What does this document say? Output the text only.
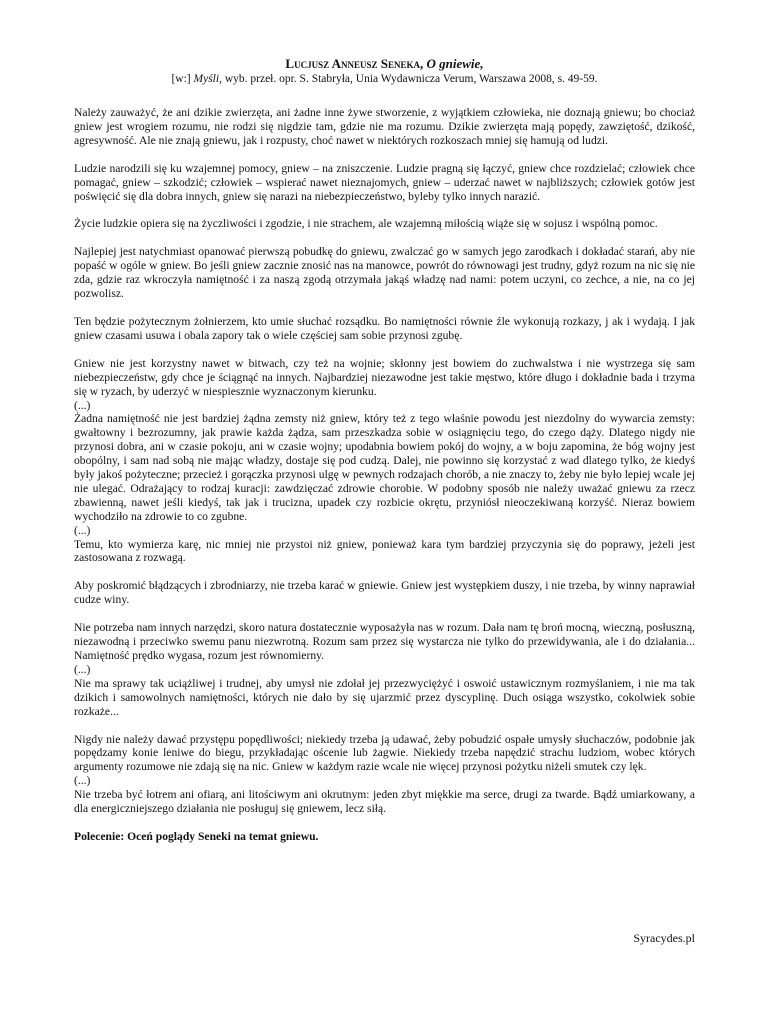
Lucjusz Anneusz Seneka, O gniewie,

[w:] Myśli, wyb. przeł. opr. S. Stabryła, Unia Wydawnicza Verum, Warszawa 2008, s. 49-59.

Należy zauważyć, że ani dzikie zwierzęta, ani żadne inne żywe stworzenie, z wyjątkiem człowieka, nie doznają gniewu; bo chociaż gniew jest wrogiem rozumu, nie rodzi się nigdzie tam, gdzie nie ma rozumu. Dzikie zwierzęta mają popędy, zawziętość, dzikość, agresywność. Ale nie znają gniewu, jak i rozpusty, choć nawet w niektórych rozkoszach mniej się hamują od ludzi.

Ludzie narodzili się ku wzajemnej pomocy, gniew – na zniszczenie. Ludzie pragną się łączyć, gniew chce rozdzielać; człowiek chce pomagać, gniew – szkodzić; człowiek – wspierać nawet nieznajomych, gniew – uderzać nawet w najbliższych; człowiek gotów jest poświęcić się dla dobra innych, gniew się narazi na niebezpieczeństwo, byleby tylko innych narazić.

Życie ludzkie opiera się na życzliwości i zgodzie, i nie strachem, ale wzajemną miłością wiąże się w sojusz i wspólną pomoc.

Najlepiej jest natychmiast opanować pierwszą pobudkę do gniewu, zwalczać go w samych jego zarodkach i dokładać starań, aby nie popaść w ogóle w gniew. Bo jeśli gniew zacznie znosić nas na manowce, powrót do równowagi jest trudny, gdyż rozum na nic się nie zda, gdzie raz wkroczyła namiętność i za naszą zgodą otrzymała jakąś władzę nad nami: potem uczyni, co zechce, a nie, na co jej pozwolisz.

Ten będzie pożytecznym żołnierzem, kto umie słuchać rozsądku. Bo namiętności równie źle wykonują rozkazy, j ak i wydają. I jak gniew czasami usuwa i obala zapory tak o wiele częściej sam sobie przynosi zgubę.

Gniew nie jest korzystny nawet w bitwach, czy też na wojnie; skłonny jest bowiem do zuchwalstwa i nie wystrzega się sam niebezpieczeństw, gdy chce je ściągnąć na innych. Najbardziej niezawodne jest takie męstwo, które długo i dokładnie bada i trzyma się w ryzach, by uderzyć w niespiesznie wyznaczonym kierunku.

(...)

Żadna namiętność nie jest bardziej żądna zemsty niż gniew, który też z tego właśnie powodu jest niezdolny do wywarcia zemsty: gwałtowny i bezrozumny, jak prawie każda żądza, sam przeszkadza sobie w osiągnięciu tego, do czego dąży. Dlatego nigdy nie przynosi dobra, ani w czasie pokoju, ani w czasie wojny; upodabnia bowiem pokój do wojny, a w boju zapomina, że bóg wojny jest obopólny, i sam nad sobą nie mając władzy, dostaje się pod cudzą. Dalej, nie powinno się korzystać z wad dlatego tylko, że kiedyś były jakoś pożyteczne; przecież i gorączka przynosi ulgę w pewnych rodzajach chorób, a nie znaczy to, żeby nie było lepiej wcale jej nie ulegać. Odrażający to rodzaj kuracji: zawdzięczać zdrowie chorobie. W podobny sposób nie należy uważać gniewu za rzecz zbawienną, nawet jeśli kiedyś, tak jak i trucizna, upadek czy rozbicie okrętu, przyniósł nieoczekiwaną korzyść. Nieraz bowiem wychodziło na zdrowie to co zgubne.

(...)

Temu, kto wymierza karę, nic mniej nie przystoi niż gniew, ponieważ kara tym bardziej przyczynia się do poprawy, jeżeli jest zastosowana z rozwagą.

Aby poskromić błądzących i zbrodniarzy, nie trzeba karać w gniewie. Gniew jest występkiem duszy, i nie trzeba, by winny naprawiał cudze winy.

Nie potrzeba nam innych narzędzi, skoro natura dostatecznie wyposażyła nas w rozum. Dała nam tę broń mocną, wieczną, posłuszną, niezawodną i przeciwko swemu panu niezwrotną. Rozum sam przez się wystarcza nie tylko do przewidywania, ale i do działania... Namiętność prędko wygasa, rozum jest równomierny.

(...)

Nie ma sprawy tak uciążliwej i trudnej, aby umysł nie zdołał jej przezwyciężyć i oswoić ustawicznym rozmyślaniem, i nie ma tak dzikich i samowolnych namiętności, których nie dało by się ujarzmić przez dyscyplinę. Duch osiąga wszystko, cokolwiek sobie rozkaże...

Nigdy nie należy dawać przystępu popędliwości; niekiedy trzeba ją udawać, żeby pobudzić ospałe umysły słuchaczów, podobnie jak popędzamy konie leniwe do biegu, przykładając oścenie lub żagwie. Niekiedy trzeba napędzić strachu ludziom, wobec których argumenty rozumowe nie zdają się na nic. Gniew w każdym razie wcale nie więcej przynosi pożytku niżeli smutek czy lęk.

(...)

Nie trzeba być łotrem ani ofiarą, ani litościwym ani okrutnym: jeden zbyt miękkie ma serce, drugi za twarde. Bądź umiarkowany, a dla energiczniejszego działania nie posługuj się gniewem, lecz siłą.

Polecenie: Oceń poglądy Seneki na temat gniewu.

Syracydes.pl
